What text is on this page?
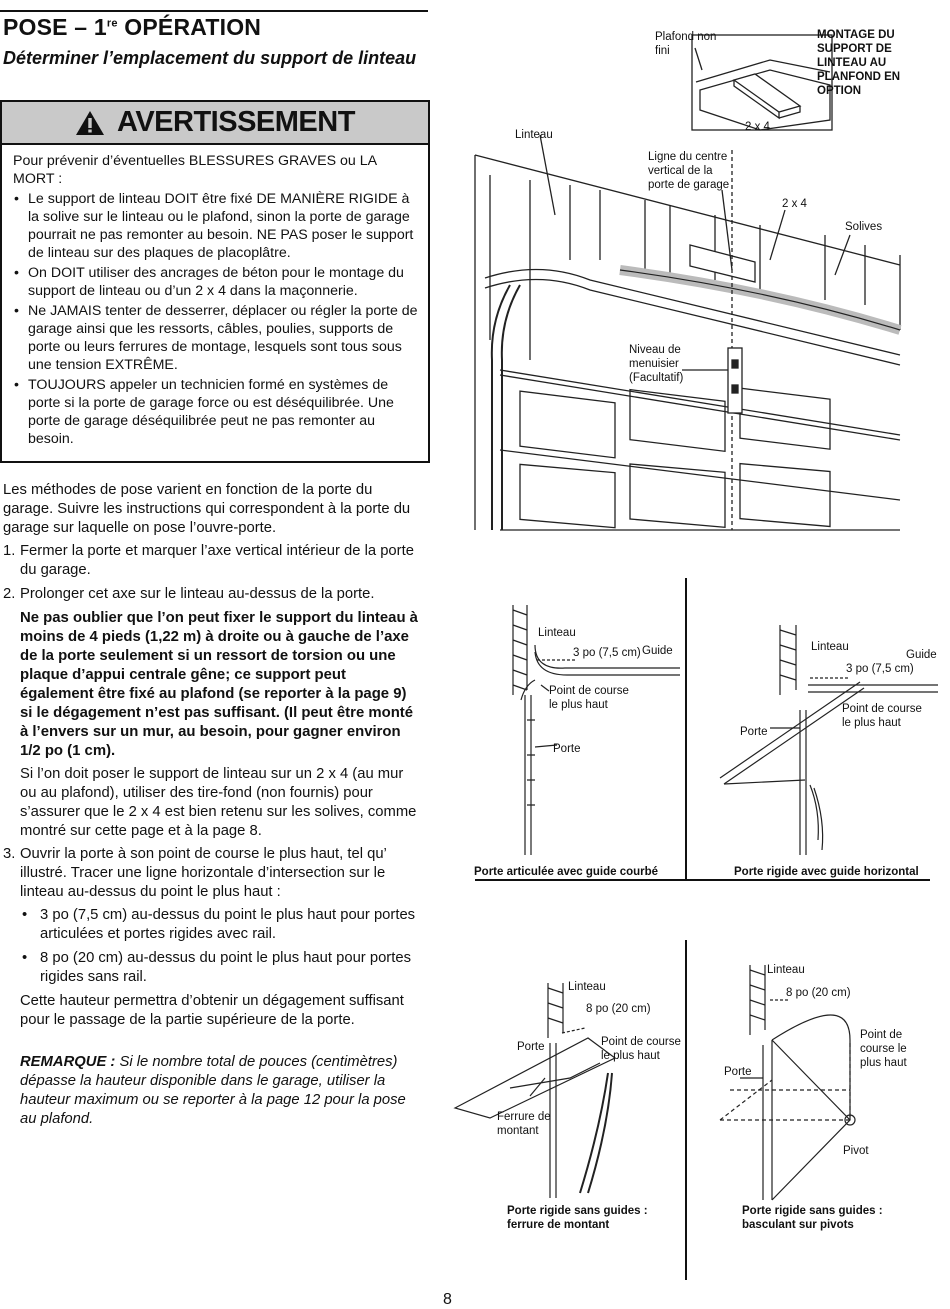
POSE – 1re OPÉRATION
Déterminer l’emplacement du support de linteau
AVERTISSEMENT

Pour prévenir d’éventuelles BLESSURES GRAVES ou LA MORT :

• Le support de linteau DOIT être fixé DE MANIÈRE RIGIDE à la solive sur le linteau ou le plafond, sinon la porte de garage pourrait ne pas remonter au besoin. NE PAS poser le support de linteau sur des plaques de placoplâtre.
• On DOIT utiliser des ancrages de béton pour le montage du support de linteau ou d’un 2 x 4 dans la maçonnerie.
• Ne JAMAIS tenter de desserrer, déplacer ou régler la porte de garage ainsi que les ressorts, câbles, poulies, supports de porte ou leurs ferrures de montage, lesquels sont tous sous une tension EXTRÊME.
• TOUJOURS appeler un technicien formé en systèmes de porte si la porte de garage force ou est déséquilibrée. Une porte de garage déséquilibrée peut ne pas remonter au besoin.
Les méthodes de pose varient en fonction de la porte du garage. Suivre les instructions qui correspondent à la porte du garage sur laquelle on pose l’ouvre-porte.
1. Fermer la porte et marquer l’axe vertical intérieur de la porte du garage.
2. Prolonger cet axe sur le linteau au-dessus de la porte.
Ne pas oublier que l’on peut fixer le support du linteau à moins de 4 pieds (1,22 m) à droite ou à gauche de l’axe de la porte seulement si un ressort de torsion ou une plaque d’appui centrale gêne; ce support peut également être fixé au plafond (se reporter à la page 9) si le dégagement n’est pas suffisant. (Il peut être monté à l’envers sur un mur, au besoin, pour gagner environ 1/2 po (1 cm).
Si l’on doit poser le support de linteau sur un 2 x 4 (au mur ou au plafond), utiliser des tire-fond (non fournis) pour s’assurer que le 2 x 4 est bien retenu sur les solives, comme montré sur cette page et à la page 8.
3. Ouvrir la porte à son point de course le plus haut, tel qu’ illustré. Tracer une ligne horizontale d’intersection sur le linteau au-dessus du point le plus haut :
• 3 po (7,5 cm) au-dessus du point le plus haut pour portes articulées et portes rigides avec rail.
• 8 po (20 cm) au-dessus du point le plus haut pour portes rigides sans rail.
Cette hauteur permettra d’obtenir un dégagement suffisant pour le passage de la partie supérieure de la porte.
REMARQUE : Si le nombre total de pouces (centimètres) dépasse la hauteur disponible dans le garage, utiliser la hauteur maximum ou se reporter à la page 12 pour la pose au plafond.
Plafond non fini
MONTAGE DU SUPPORT DE LINTEAU AU PLANFOND EN OPTION
Linteau
Ligne du centre vertical de la porte de garage
2 x 4
2 x 4
Solives
Niveau de menuisier (Facultatif)
Linteau
3 po (7,5 cm) Guide
Point de course le plus haut
Porte
Porte articulée avec guide courbé
Linteau
Guide
3 po (7,5 cm)
Point de course le plus haut
Porte
Porte rigide avec guide horizontal
Linteau
8 po (20 cm)
Porte	Point de course le plus haut
Ferrure de montant
Porte rigide sans guides : ferrure de montant
Linteau
8 po (20 cm)
Point de course le plus haut
Porte
Pivot
Porte rigide sans guides : basculant sur pivots
8
